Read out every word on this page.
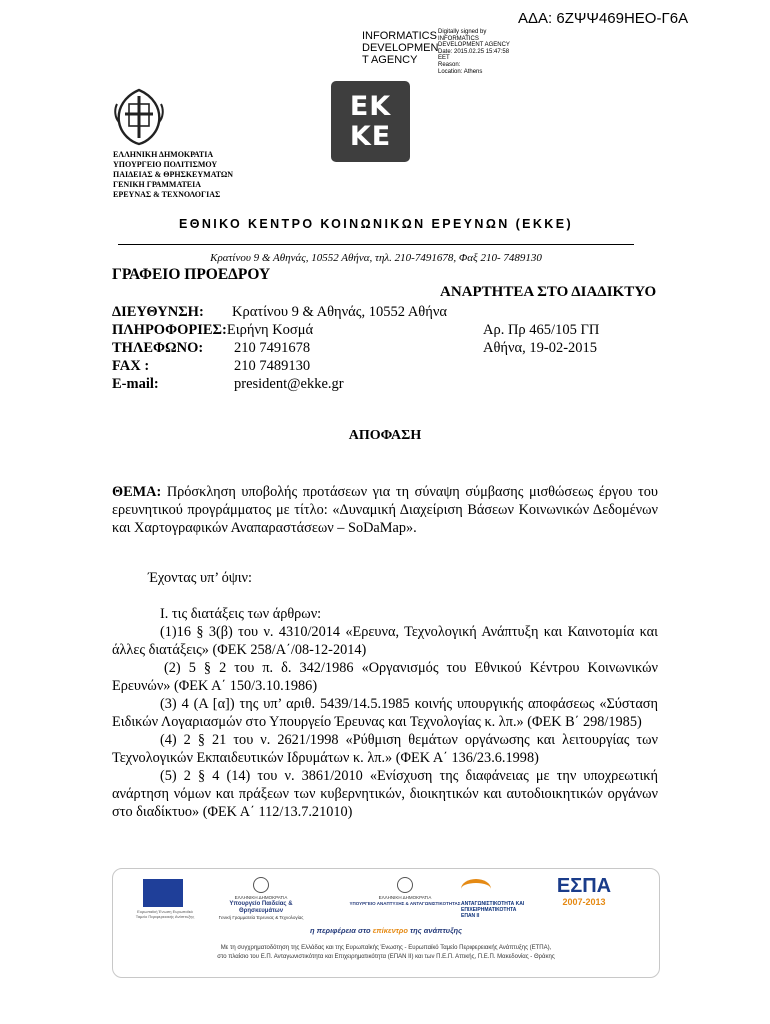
ΑΔΑ: 6ΖΨΨ469ΗΕΟ-Γ6Α
INFORMATICS DEVELOPMEN T AGENCY
Digitally signed by
INFORMATICS
DEVELOPMENT AGENCY
Date: 2015.02.25 15:47:58
EET
Reason:
Location: Athens
ΕΚ
ΚΕ
ΕΛΛΗΝΙΚΗ ΔΗΜΟΚΡΑΤΙΑ
ΥΠΟΥΡΓΕΙΟ ΠΟΛΙΤΙΣΜΟΥ
ΠΑΙΔΕΙΑΣ & ΘΡΗΣΚΕΥΜΑΤΩΝ
ΓΕΝΙΚΗ ΓΡΑΜΜΑΤΕΙΑ
ΕΡΕΥΝΑΣ & ΤΕΧΝΟΛΟΓΙΑΣ
ΕΘΝΙΚΟ ΚΕΝΤΡΟ ΚΟΙΝΩΝΙΚΩΝ ΕΡΕΥΝΩΝ (ΕΚΚΕ)
Κρατίνου 9 & Αθηνάς, 10552 Αθήνα, τηλ. 210-7491678, Φαξ 210- 7489130
ΓΡΑΦΕΙΟ ΠΡΟΕΔΡΟΥ
ΑΝΑΡΤΗΤΕΑ ΣΤΟ ΔΙΑΔΙΚΤΥΟ
ΔΙΕΥΘΥΝΣΗ:	Κρατίνου 9 & Αθηνάς, 10552 Αθήνα
ΠΛΗΡΟΦΟΡΙΕΣ: Ειρήνη Κοσμά
ΤΗΛΕΦΩΝΟ:	210 7491678
FAX :	210 7489130
E-mail:	president@ekke.gr
Αρ. Πρ 465/105 ΓΠ
Αθήνα, 19-02-2015
ΑΠΟΦΑΣΗ
ΘΕΜΑ: Πρόσκληση υποβολής προτάσεων για τη σύναψη σύμβασης μισθώσεως έργου του ερευνητικού προγράμματος με τίτλο: «Δυναμική Διαχείριση Βάσεων Κοινωνικών Δεδομένων και Χαρτογραφικών Αναπαραστάσεων – SoDaMap».
Έχοντας υπ’ όψιν:

Ι. τις διατάξεις των άρθρων:

(1)16 § 3(β) του ν. 4310/2014 «Ερευνα, Τεχνολογική Ανάπτυξη και Καινοτομία και άλλες διατάξεις» (ΦΕΚ 258/Α΄/08-12-2014)

(2) 5 § 2 του π. δ. 342/1986 «Οργανισμός του Εθνικού Κέντρου Κοινωνικών Ερευνών» (ΦΕΚ Α΄ 150/3.10.1986)

(3) 4 (Α [α]) της υπ’ αριθ. 5439/14.5.1985 κοινής υπουργικής αποφάσεως «Σύσταση Ειδικών Λογαριασμών στο Υπουργείο Έρευνας και Τεχνολογίας κ. λπ.» (ΦΕΚ Β΄ 298/1985)

(4) 2 § 21 του ν. 2621/1998 «Ρύθμιση θεμάτων οργάνωσης και λειτουργίας των Τεχνολογικών Εκπαιδευτικών Ιδρυμάτων κ. λπ.» (ΦΕΚ Α΄ 136/23.6.1998)

(5) 2 § 4 (14) του ν. 3861/2010 «Ενίσχυση της διαφάνειας με την υποχρεωτική ανάρτηση νόμων και πράξεων των κυβερνητικών, διοικητικών και αυτοδιοικητικών οργάνων στο διαδίκτυο» (ΦΕΚ Α΄ 112/13.7.21010)

Ευρωπαϊκή Ένωση Ευρωπαϊκό Ταμείο Περιφερειακής Ανάπτυξης
ΕΛΛΗΝΙΚΗ ΔΗΜΟΚΡΑΤΙΑ
Υπουργείο Παιδείας & Θρησκευμάτων
Γενική Γραμματεία Έρευνας & Τεχνολογίας
ΕΛΛΗΝΙΚΗ ΔΗΜΟΚΡΑΤΙΑ
ΥΠΟΥΡΓΕΙΟ ΑΝΑΠΤΥΞΗΣ & ΑΝΤΑΓΩΝΙΣΤΙΚΟΤΗΤΑΣ ΑΝΤΑΓΩΝΙΣΤΙΚΟΤΗΤΑ ΚΑΙ ΕΠΙΧΕΙΡΗΜΑΤΙΚΟΤΗΤΑ
ΕΠΑΝ II
ΕΣΠΑ
2007-2013
η περιφέρεια στο επίκεντρο της ανάπτυξης
Με τη συγχρηματοδότηση της Ελλάδας και της Ευρωπαϊκής Ένωσης - Ευρωπαϊκό Ταμείο Περιφερειακής Ανάπτυξης (ΕΤΠΑ),
στο πλαίσιο του Ε.Π. Ανταγωνιστικότητα και Επιχειρηματικότητα (ΕΠΑΝ ΙΙ) και των Π.Ε.Π. Αττικής, Π.Ε.Π. Μακεδονίας - Θράκης
